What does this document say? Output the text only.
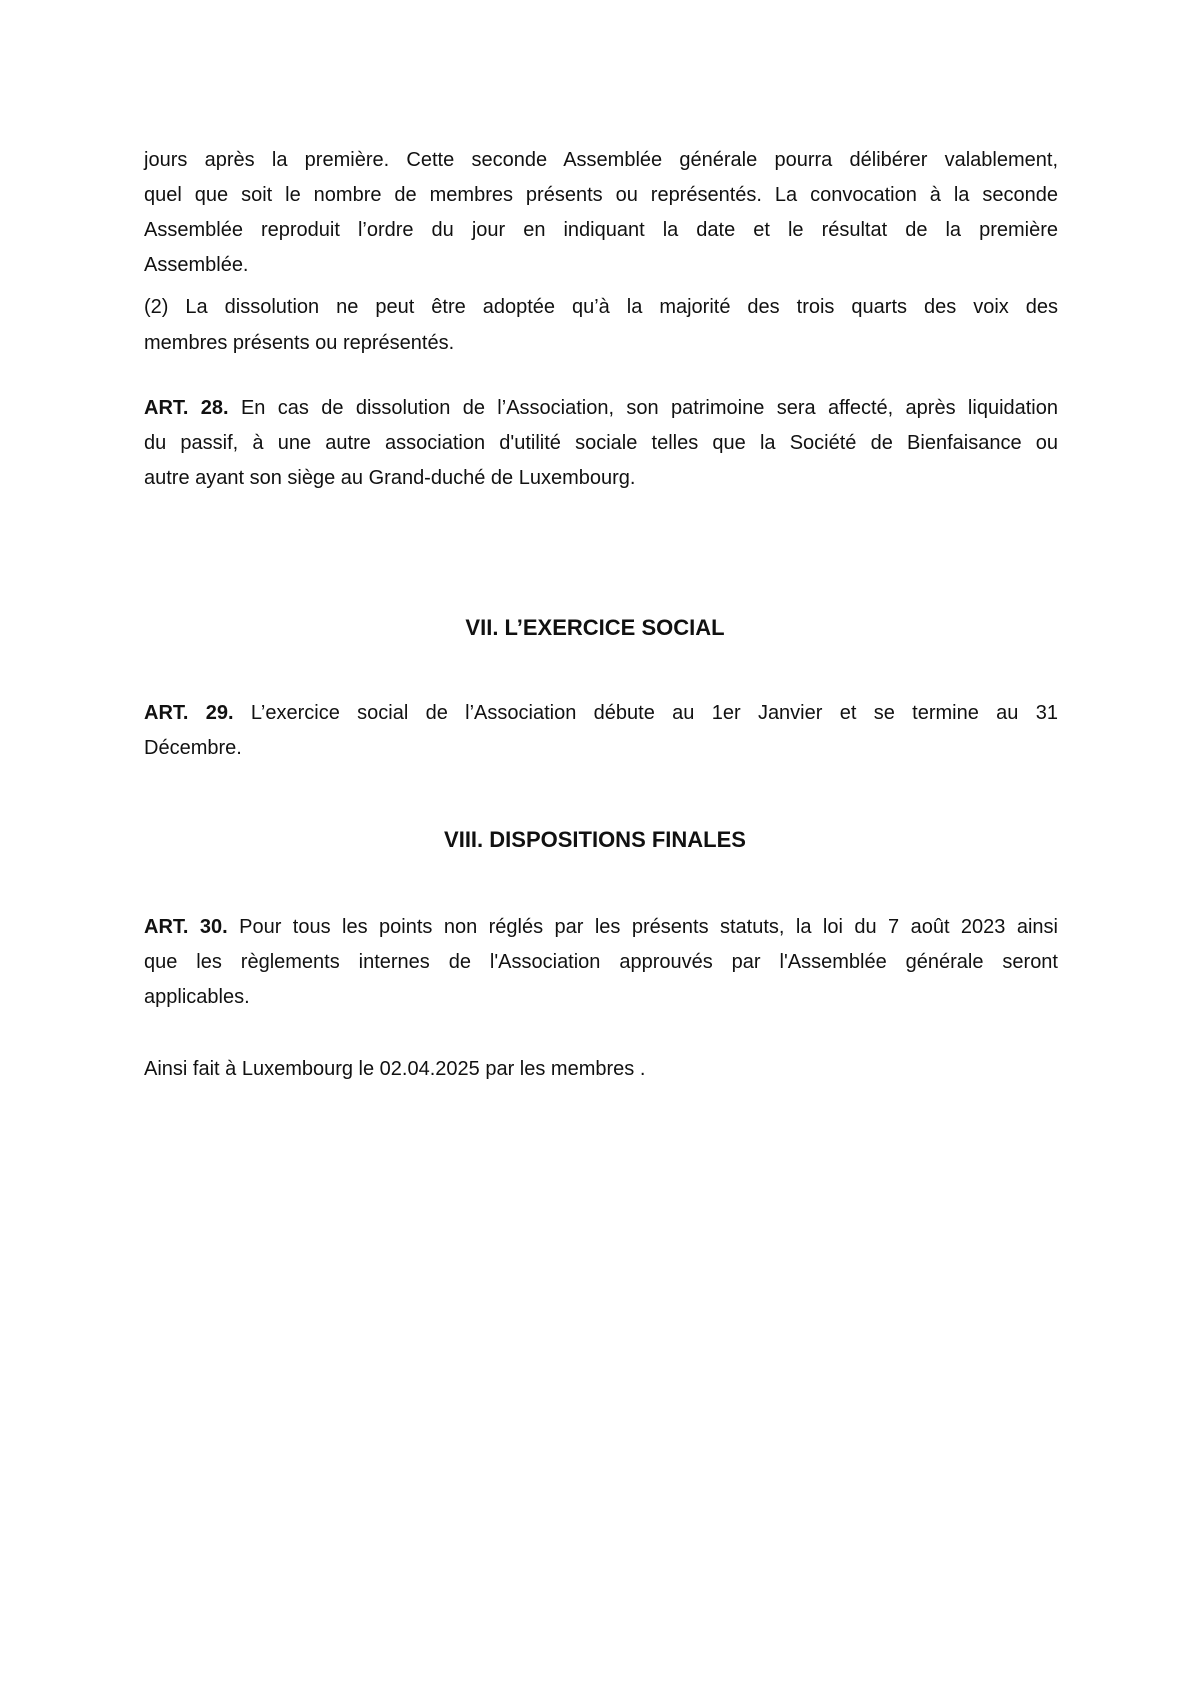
jours après la première. Cette seconde Assemblée générale pourra délibérer valablement,
quel que soit le nombre de membres présents ou représentés. La convocation à la seconde
Assemblée reproduit l’ordre du jour en indiquant la date et le résultat de la première
Assemblée.
(2) La dissolution ne peut être adoptée qu’à la majorité des trois quarts des voix des
membres présents ou représentés.
ART. 28. En cas de dissolution de l’Association, son patrimoine sera affecté, après liquidation
du passif, à une autre association d'utilité sociale telles que la Société de Bienfaisance ou
autre ayant son siège au Grand-duché de Luxembourg.
VII. L’EXERCICE SOCIAL
ART. 29. L’exercice social de l’Association débute au 1er Janvier et se termine au 31
Décembre.
VIII. DISPOSITIONS FINALES
ART. 30. Pour tous les points non réglés par les présents statuts, la loi du 7 août 2023 ainsi
que les règlements internes de l'Association approuvés par l'Assemblée générale seront
applicables.
Ainsi fait à Luxembourg le 02.04.2025 par les membres .
